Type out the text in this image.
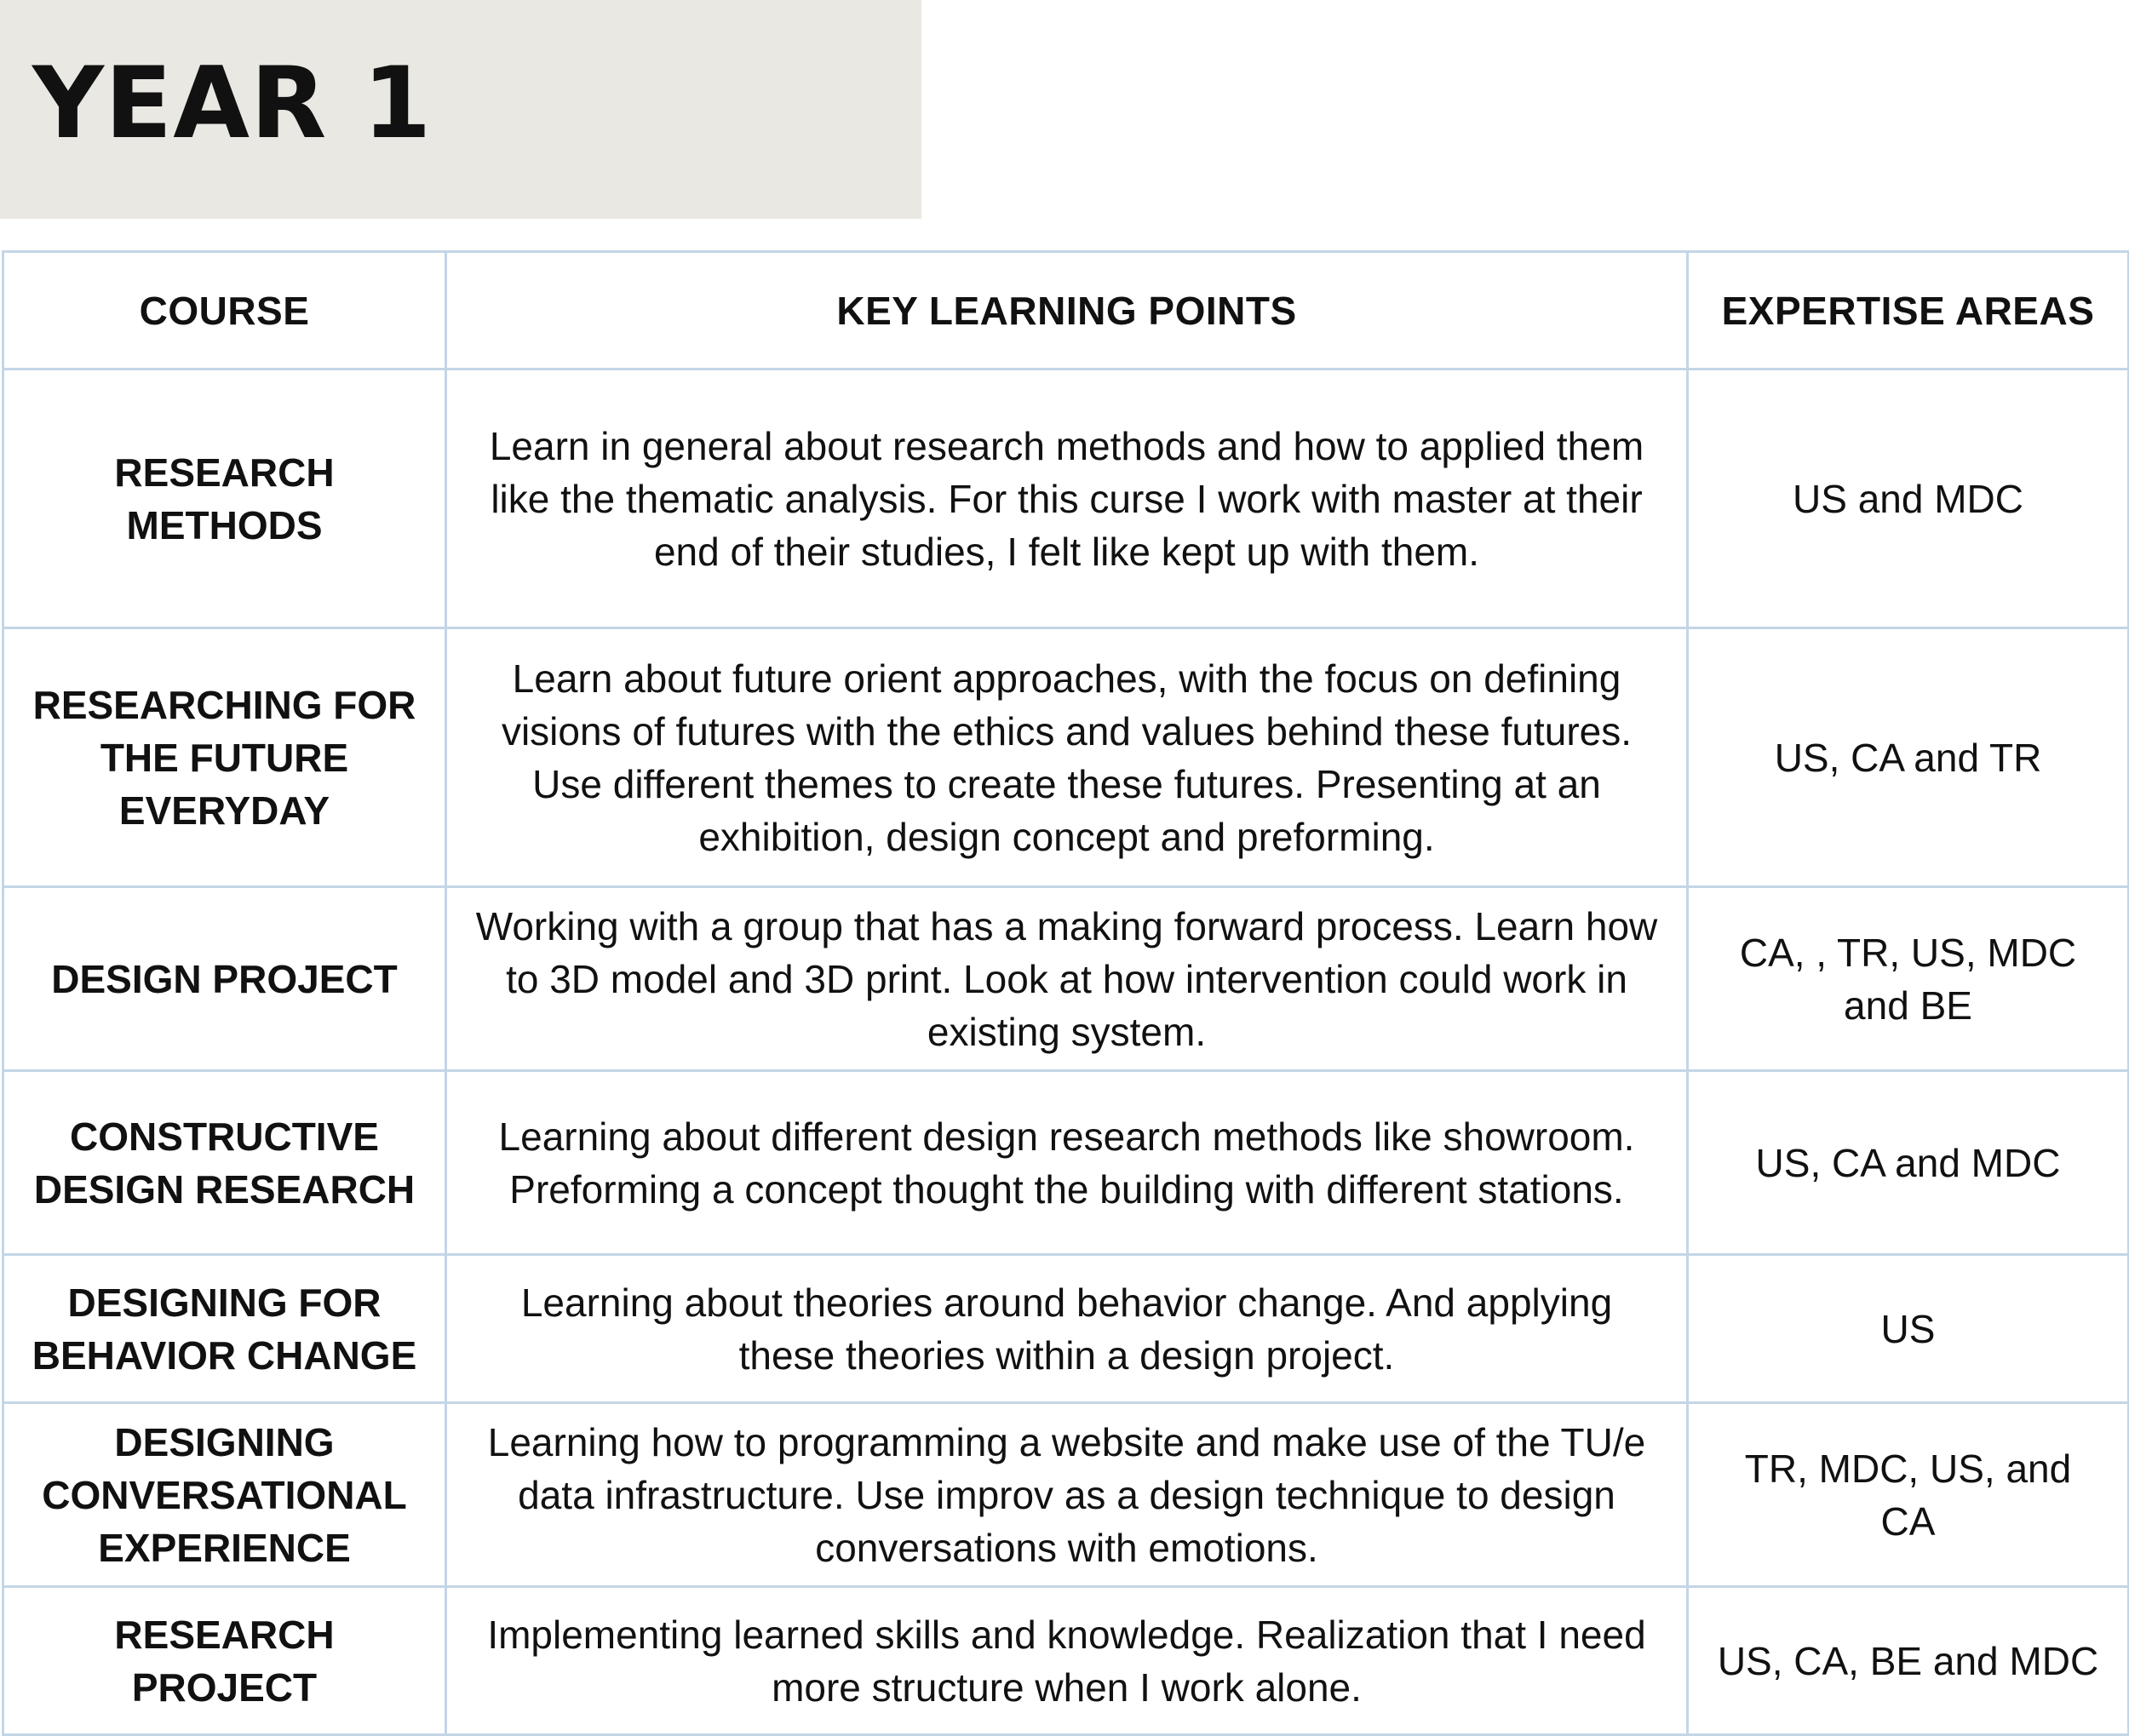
YEAR 1
COURSE	KEY LEARNING POINTS	EXPERTISE AREAS
RESEARCH METHODS	Learn in general about research methods and how to applied them like the thematic analysis. For this curse I work with master at their end of their studies, I felt like kept up with them.	US and MDC
RESEARCHING FOR THE FUTURE EVERYDAY	Learn about future orient approaches, with the focus on defining visions of futures with the ethics and values behind these futures. Use different themes to create these futures. Presenting at an exhibition, design concept and preforming.	US, CA and TR
DESIGN PROJECT	Working with a group that has a making forward process. Learn how to 3D model and 3D print. Look at how intervention could work in existing system.	CA, , TR, US, MDC and BE
CONSTRUCTIVE DESIGN RESEARCH	Learning about different design research methods like showroom. Preforming a concept thought the building with different stations.	US, CA and MDC
DESIGNING FOR BEHAVIOR CHANGE	Learning about theories around behavior change. And applying these theories within a design project.	US
DESIGNING CONVERSATIONAL EXPERIENCE	Learning how to programming a website and make use of the TU/e data infrastructure. Use improv as a design technique to design conversations with emotions.	TR, MDC, US, and CA
RESEARCH PROJECT	Implementing learned skills and knowledge. Realization that I need more structure when I work alone.	US, CA, BE and MDC
